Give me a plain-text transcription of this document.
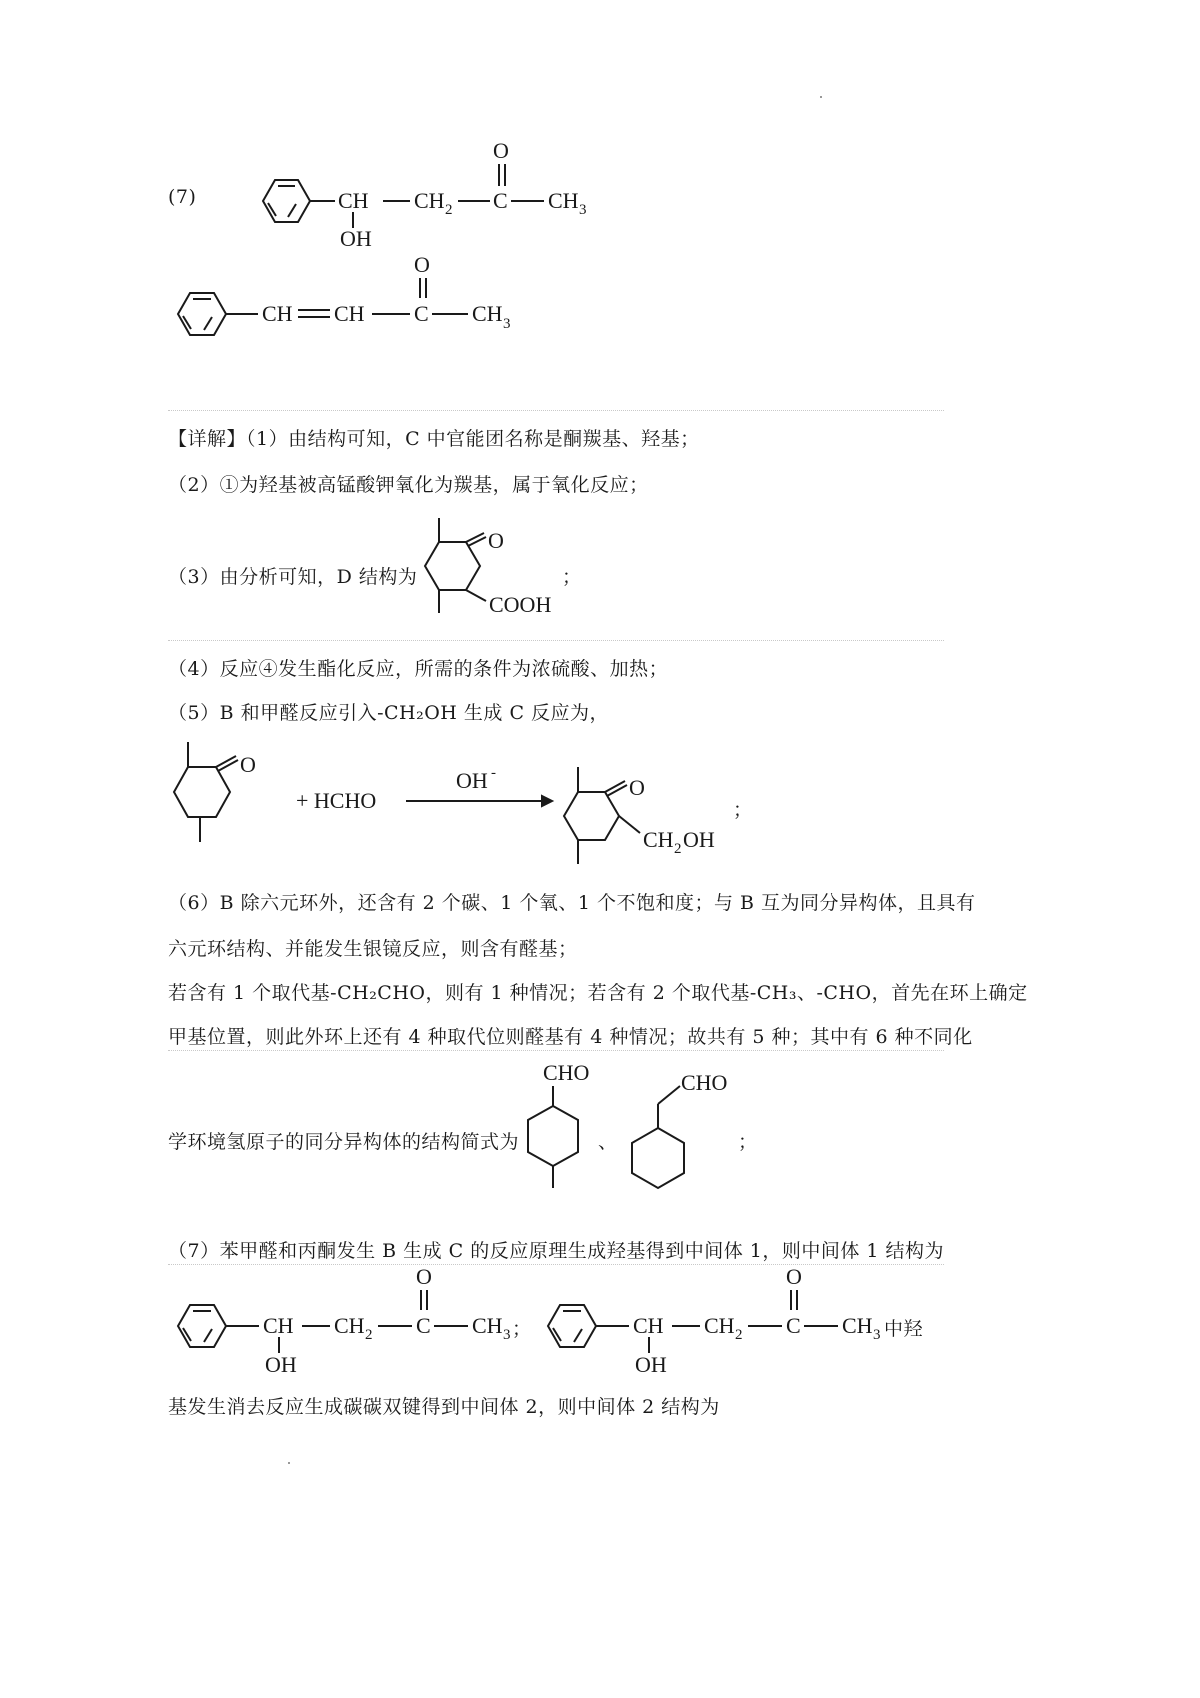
(7)	CH
OH
CH 2 C
O
CH 3
CH CH C
O
CH 3
【详解】（1）由结构可知，C 中官能团名称是酮羰基、羟基；
（2）①为羟基被高锰酸钾氧化为羰基，属于氧化反应；
（3）由分析可知，D 结构为	；
O
COOH
（4）反应④发生酯化反应，所需的条件为浓硫酸、加热；
（5）B 和甲醛反应引入-CH₂OH 生成 C 反应为，
O
+ HCHO
OH -
O
CH 2 OH
；
（6）B 除六元环外，还含有 2 个碳、1 个氧、1 个不饱和度；与 B 互为同分异构体，且具有
六元环结构、并能发生银镜反应，则含有醛基；
若含有 1 个取代基-CH₂CHO，则有 1 种情况；若含有 2 个取代基-CH₃、-CHO，首先在环上确定
甲基位置，则此外环上还有 4 种取代位则醛基有 4 种情况；故共有 5 种；其中有 6 种不同化
学环境氢原子的同分异构体的结构简式为
CHO	CHO
、	；
（7）苯甲醛和丙酮发生 B 生成 C 的反应原理生成羟基得到中间体 1，则中间体 1 结构为
CH
OH
CH 2 C
O
CH 3	CH
OH
CH 2 C
O
CH 3
；	中羟
基发生消去反应生成碳碳双键得到中间体 2，则中间体 2 结构为
